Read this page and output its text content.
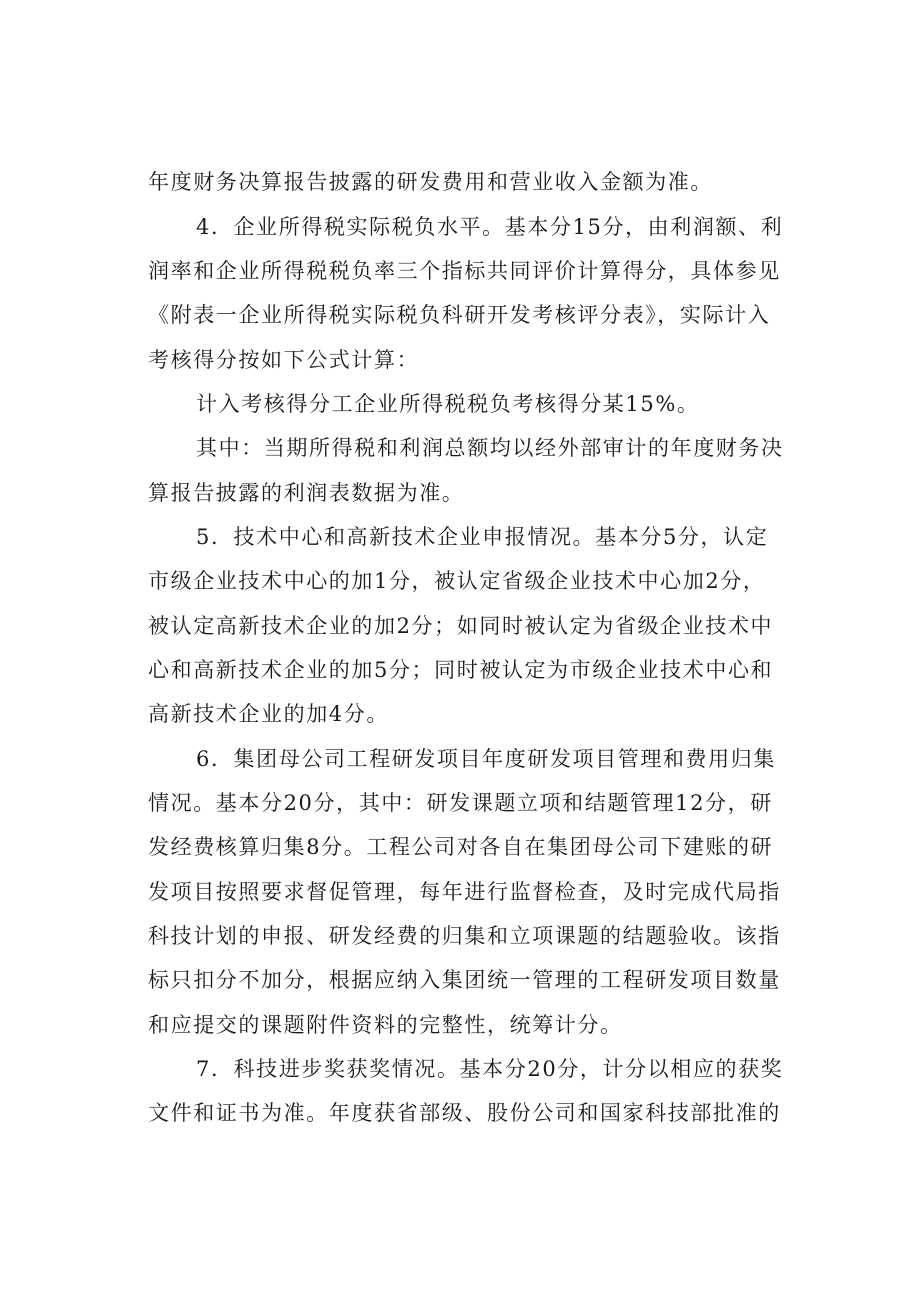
年度财务决算报告披露的研发费用和营业收入金额为准。
4．企业所得税实际税负水平。基本分15分，由利润额、利
润率和企业所得税税负率三个指标共同评价计算得分，具体参见
《附表一企业所得税实际税负科研开发考核评分表》，实际计入
考核得分按如下公式计算：
计入考核得分工企业所得税税负考核得分某15%。
其中：当期所得税和利润总额均以经外部审计的年度财务决
算报告披露的利润表数据为准。
5．技术中心和高新技术企业申报情况。基本分5分，认定
市级企业技术中心的加1分，被认定省级企业技术中心加2分，
被认定高新技术企业的加2分；如同时被认定为省级企业技术中
心和高新技术企业的加5分；同时被认定为市级企业技术中心和
高新技术企业的加4分。
6．集团母公司工程研发项目年度研发项目管理和费用归集
情况。基本分20分，其中：研发课题立项和结题管理12分，研
发经费核算归集8分。工程公司对各自在集团母公司下建账的研
发项目按照要求督促管理，每年进行监督检查，及时完成代局指
科技计划的申报、研发经费的归集和立项课题的结题验收。该指
标只扣分不加分，根据应纳入集团统一管理的工程研发项目数量
和应提交的课题附件资料的完整性，统筹计分。
7．科技进步奖获奖情况。基本分20分，计分以相应的获奖
文件和证书为准。年度获省部级、股份公司和国家科技部批准的
